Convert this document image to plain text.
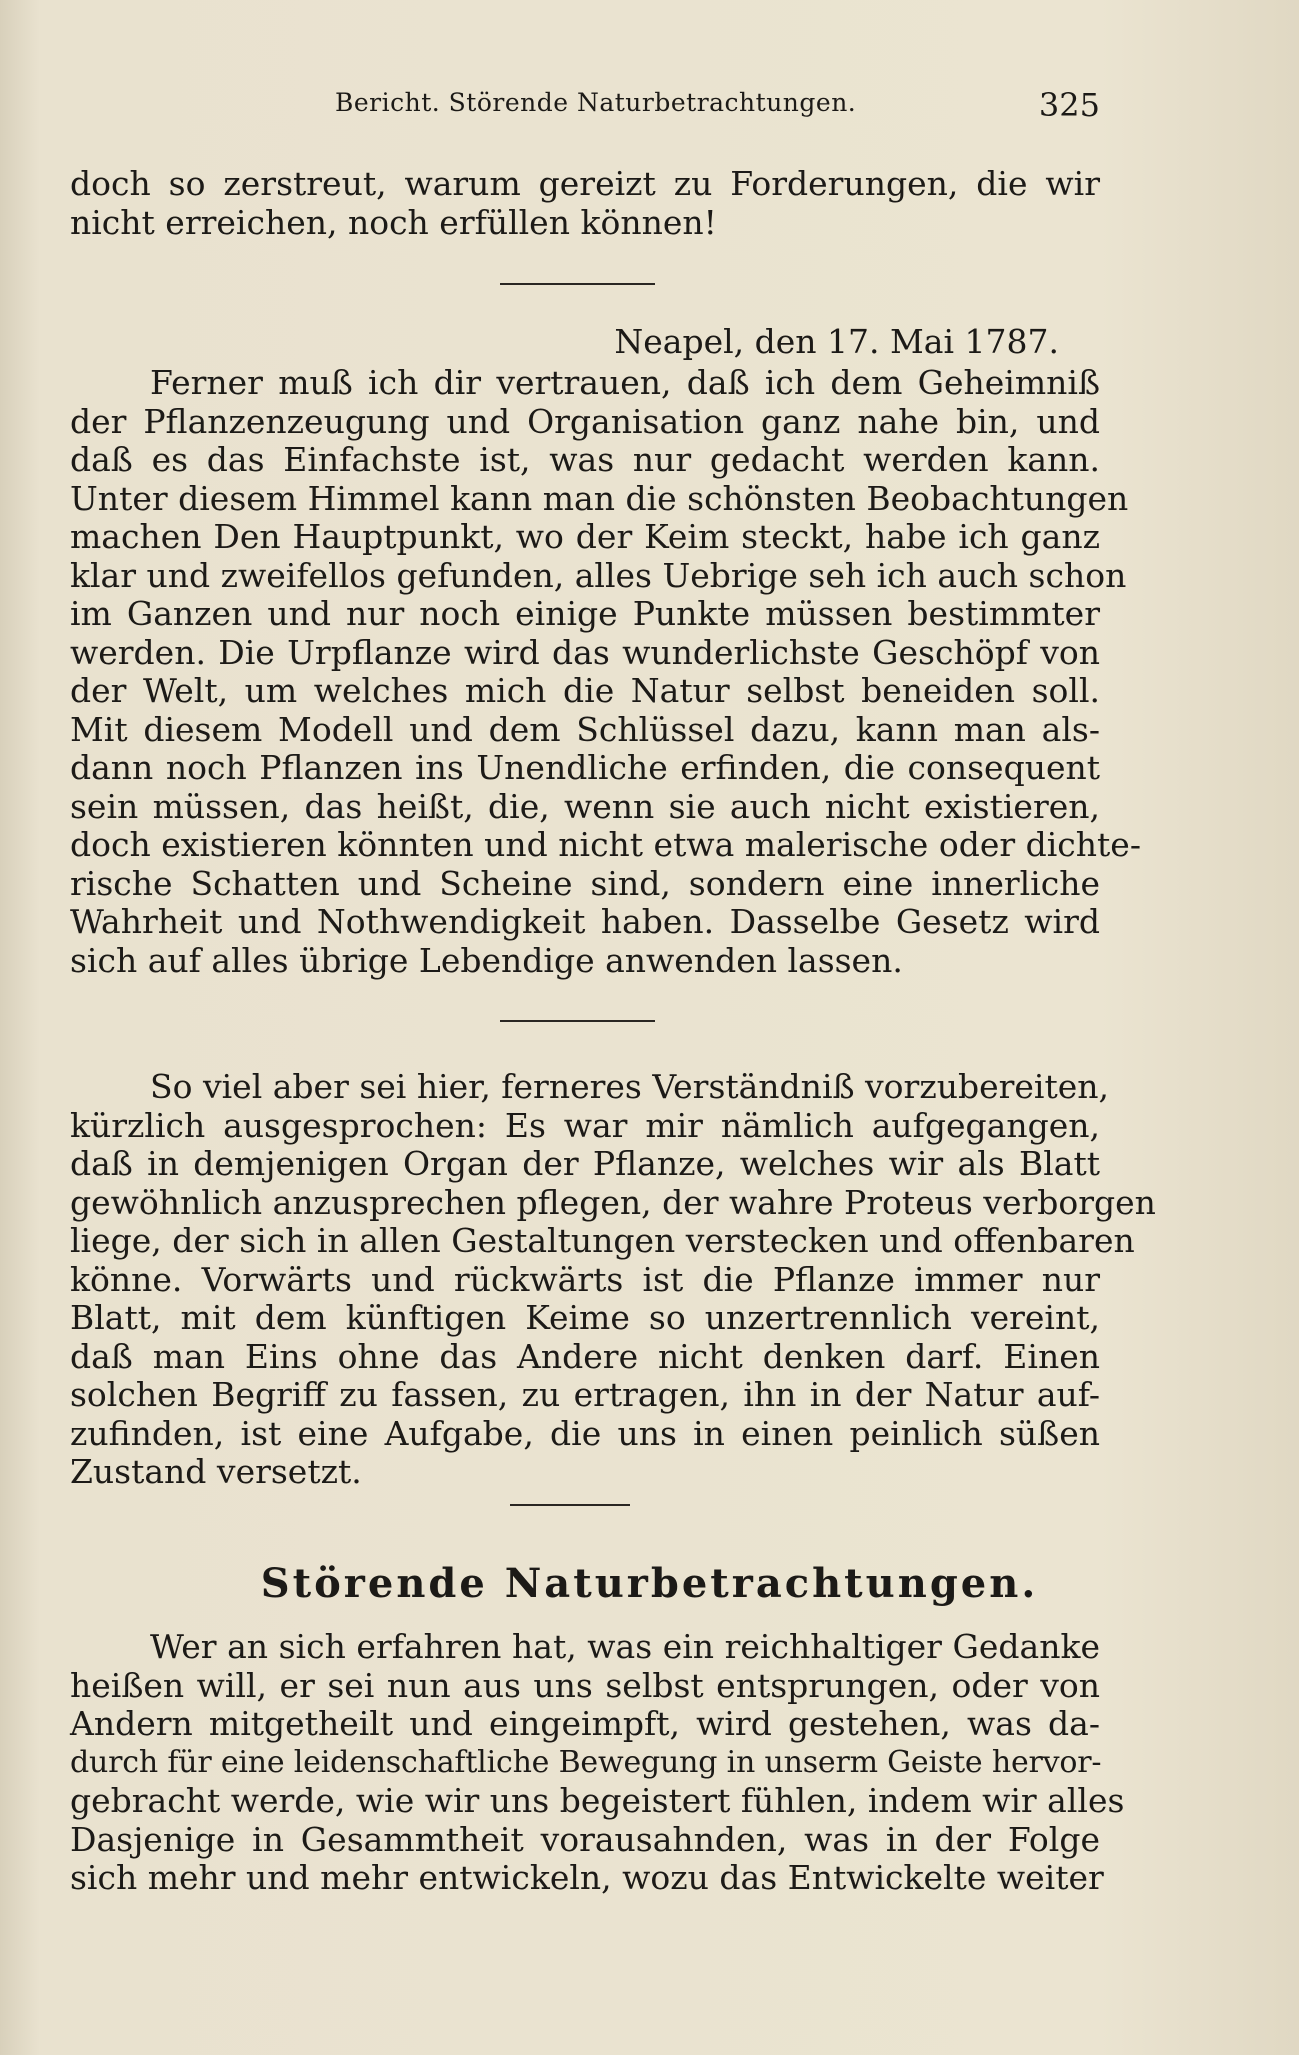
Bericht. Störende Naturbetrachtungen.	325
doch so zerstreut, warum gereizt zu Forderungen, die wir
nicht erreichen, noch erfüllen können!
Neapel, den 17. Mai 1787.
Ferner muß ich dir vertrauen, daß ich dem Geheimniß
der Pflanzenzeugung und Organisation ganz nahe bin, und
daß es das Einfachste ist, was nur gedacht werden kann.
Unter diesem Himmel kann man die schönsten Beobachtungen
machen Den Hauptpunkt, wo der Keim steckt, habe ich ganz
klar und zweifellos gefunden, alles Uebrige seh ich auch schon
im Ganzen und nur noch einige Punkte müssen bestimmter
werden. Die Urpflanze wird das wunderlichste Geschöpf von
der Welt, um welches mich die Natur selbst beneiden soll.
Mit diesem Modell und dem Schlüssel dazu, kann man als-
dann noch Pflanzen ins Unendliche erfinden, die consequent
sein müssen, das heißt, die, wenn sie auch nicht existieren,
doch existieren könnten und nicht etwa malerische oder dichte-
rische Schatten und Scheine sind, sondern eine innerliche
Wahrheit und Nothwendigkeit haben. Dasselbe Gesetz wird
sich auf alles übrige Lebendige anwenden lassen.
So viel aber sei hier, ferneres Verständniß vorzubereiten,
kürzlich ausgesprochen: Es war mir nämlich aufgegangen,
daß in demjenigen Organ der Pflanze, welches wir als Blatt
gewöhnlich anzusprechen pflegen, der wahre Proteus verborgen
liege, der sich in allen Gestaltungen verstecken und offenbaren
könne. Vorwärts und rückwärts ist die Pflanze immer nur
Blatt, mit dem künftigen Keime so unzertrennlich vereint,
daß man Eins ohne das Andere nicht denken darf. Einen
solchen Begriff zu fassen, zu ertragen, ihn in der Natur auf-
zufinden, ist eine Aufgabe, die uns in einen peinlich süßen
Zustand versetzt.
Störende Naturbetrachtungen.
Wer an sich erfahren hat, was ein reichhaltiger Gedanke
heißen will, er sei nun aus uns selbst entsprungen, oder von
Andern mitgetheilt und eingeimpft, wird gestehen, was da-
durch für eine leidenschaftliche Bewegung in unserm Geiste hervor-
gebracht werde, wie wir uns begeistert fühlen, indem wir alles
Dasjenige in Gesammtheit vorausahnden, was in der Folge
sich mehr und mehr entwickeln, wozu das Entwickelte weiter
